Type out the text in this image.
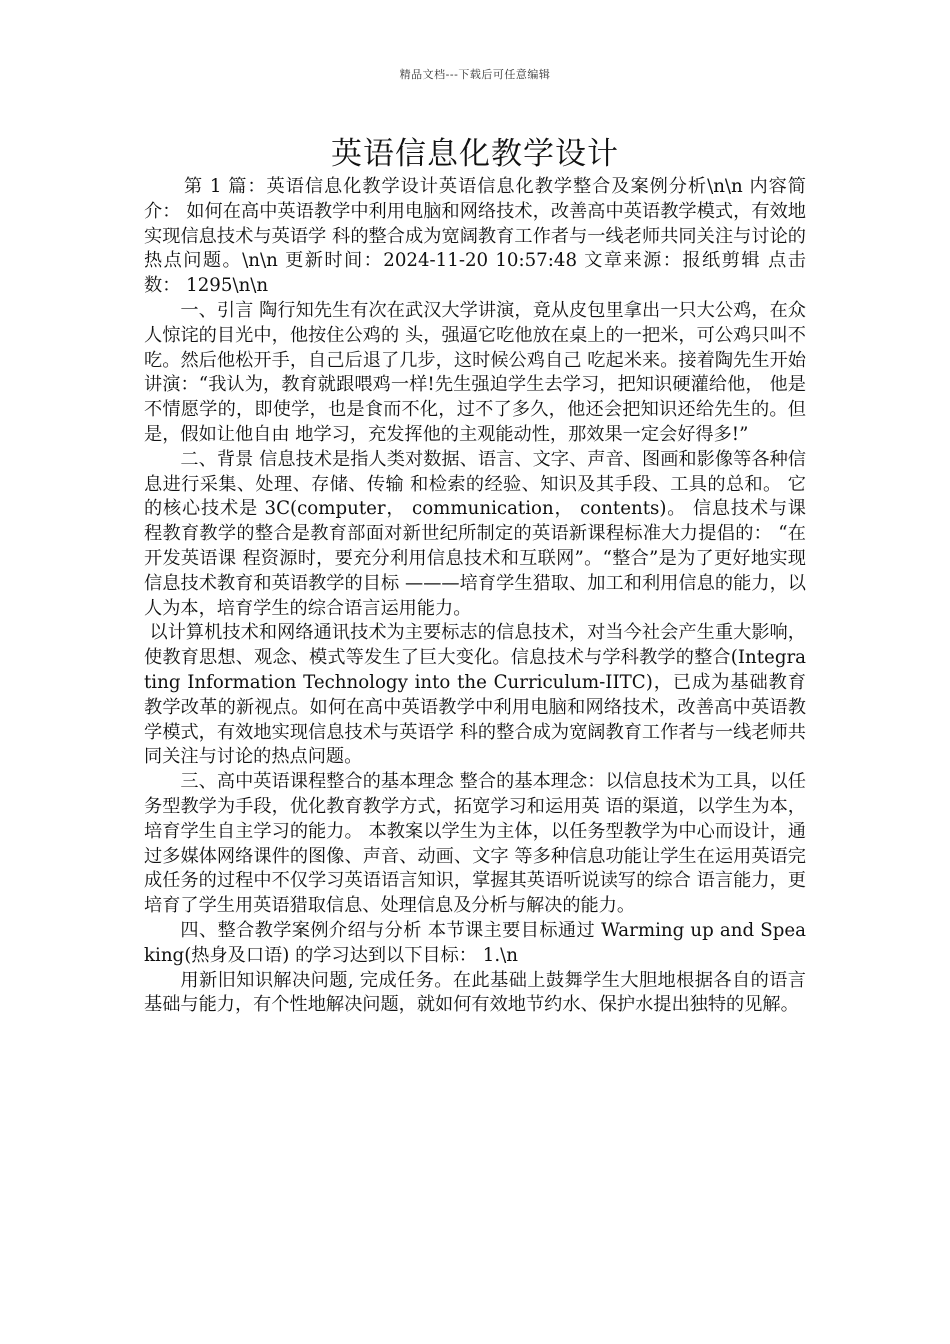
精品文档---下载后可任意编辑
英语信息化教学设计

第 1 篇：英语信息化教学设计英语信息化教学整合及案例分析\n\n 内容简介： 如何在高中英语教学中利用电脑和网络技术，改善高中英语教学模式，有效地实现信息技术与英语学 科的整合成为宽阔教育工作者与一线老师共同关注与讨论的热点问题。\n\n 更新时间：2024-11-20 10:57:48 文章来源：报纸剪辑 点击数： 1295\n\n

一、引言 陶行知先生有次在武汉大学讲演，竟从皮包里拿出一只大公鸡，在众人惊诧的目光中，他按住公鸡的 头，强逼它吃他放在桌上的一把米，可公鸡只叫不吃。然后他松开手，自己后退了几步，这时候公鸡自己 吃起米来。接着陶先生开始讲演：“我认为，教育就跟喂鸡一样!先生强迫学生去学习，把知识硬灌给他， 他是不情愿学的，即使学，也是食而不化，过不了多久，他还会把知识还给先生的。但是，假如让他自由 地学习，充发挥他的主观能动性，那效果一定会好得多!”

二、背景 信息技术是指人类对数据、语言、文字、声音、图画和影像等各种信息进行采集、处理、存储、传输 和检索的经验、知识及其手段、工具的总和。 它的核心技术是 3C(computer， communication， contents)。 信息技术与课程教育教学的整合是教育部面对新世纪所制定的英语新课程标准大力提倡的： “在开发英语课 程资源时，要充分利用信息技术和互联网”。“整合”是为了更好地实现信息技术教育和英语教学的目标 ———培育学生猎取、加工和利用信息的能力，以人为本，培育学生的综合语言运用能力。

以计算机技术和网络通讯技术为主要标志的信息技术，对当今社会产生重大影响，使教育思想、观念、模式等发生了巨大变化。信息技术与学科教学的整合(Integrating Information Technology into the Curriculum-IITC)，已成为基础教育教学改革的新视点。如何在高中英语教学中利用电脑和网络技术，改善高中英语教学模式，有效地实现信息技术与英语学 科的整合成为宽阔教育工作者与一线老师共同关注与讨论的热点问题。

三、高中英语课程整合的基本理念 整合的基本理念：以信息技术为工具，以任务型教学为手段，优化教育教学方式，拓宽学习和运用英 语的渠道，以学生为本，培育学生自主学习的能力。 本教案以学生为主体，以任务型教学为中心而设计，通过多媒体网络课件的图像、声音、动画、文字 等多种信息功能让学生在运用英语完成任务的过程中不仅学习英语语言知识，掌握其英语听说读写的综合 语言能力，更培育了学生用英语猎取信息、处理信息及分析与解决的能力。

四、整合教学案例介绍与分析 本节课主要目标通过 Warming up and Speaking(热身及口语) 的学习达到以下目标： 1.\n

用新旧知识解决问题, 完成任务。在此基础上鼓舞学生大胆地根据各自的语言基础与能力，有个性地解决问题，就如何有效地节约水、保护水提出独特的见解。
